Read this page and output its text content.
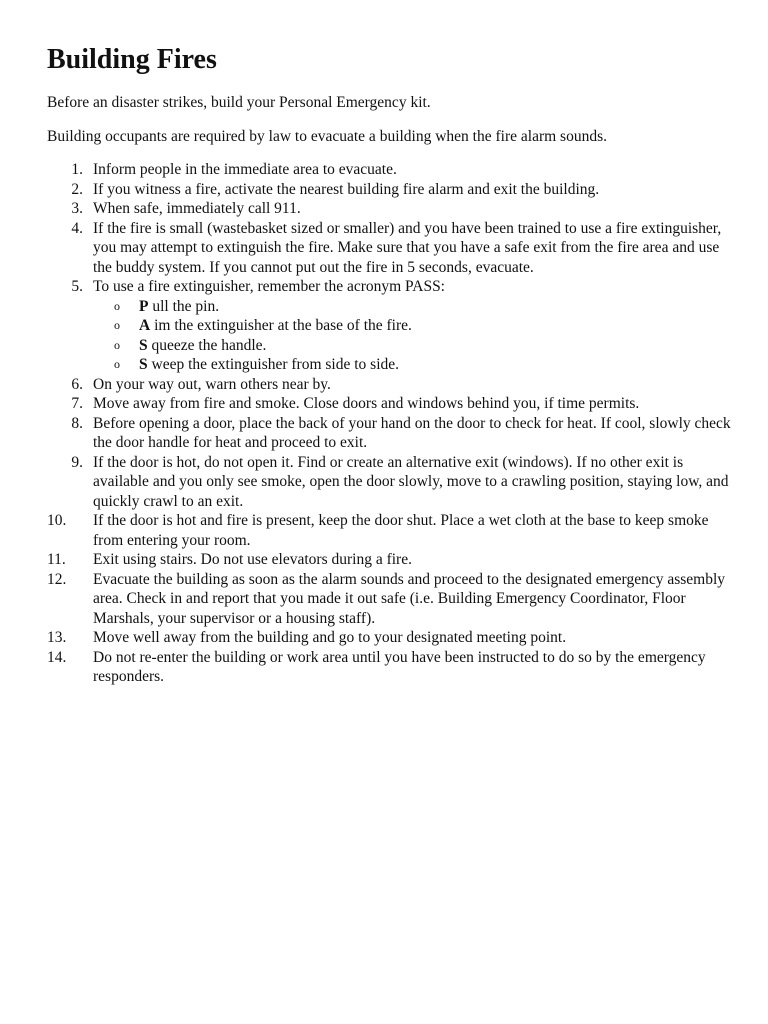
Building Fires

Before an disaster strikes, build your Personal Emergency kit.

Building occupants are required by law to evacuate a building when the fire alarm sounds.

1. Inform people in the immediate area to evacuate.
2. If you witness a fire, activate the nearest building fire alarm and exit the building.
3. When safe, immediately call 911.
4. If the fire is small (wastebasket sized or smaller) and you have been trained to use a fire extinguisher, you may attempt to extinguish the fire. Make sure that you have a safe exit from the fire area and use the buddy system. If you cannot put out the fire in 5 seconds, evacuate.
5. To use a fire extinguisher, remember the acronym PASS:
o P ull the pin.
o A im the extinguisher at the base of the fire.
o S queeze the handle.
o S weep the extinguisher from side to side.
6. On your way out, warn others near by.
7. Move away from fire and smoke. Close doors and windows behind you, if time permits.
8. Before opening a door, place the back of your hand on the door to check for heat. If cool, slowly check the door handle for heat and proceed to exit.
9. If the door is hot, do not open it. Find or create an alternative exit (windows). If no other exit is available and you only see smoke, open the door slowly, move to a crawling position, staying low, and quickly crawl to an exit.
10.	If the door is hot and fire is present, keep the door shut. Place a wet cloth at the base to keep smoke from entering your room.
11.	Exit using stairs. Do not use elevators during a fire.
12.	Evacuate the building as soon as the alarm sounds and proceed to the designated emergency assembly area. Check in and report that you made it out safe (i.e. Building Emergency Coordinator, Floor Marshals, your supervisor or a housing staff).
13.	Move well away from the building and go to your designated meeting point.
14.	Do not re-enter the building or work area until you have been instructed to do so by the emergency responders.
